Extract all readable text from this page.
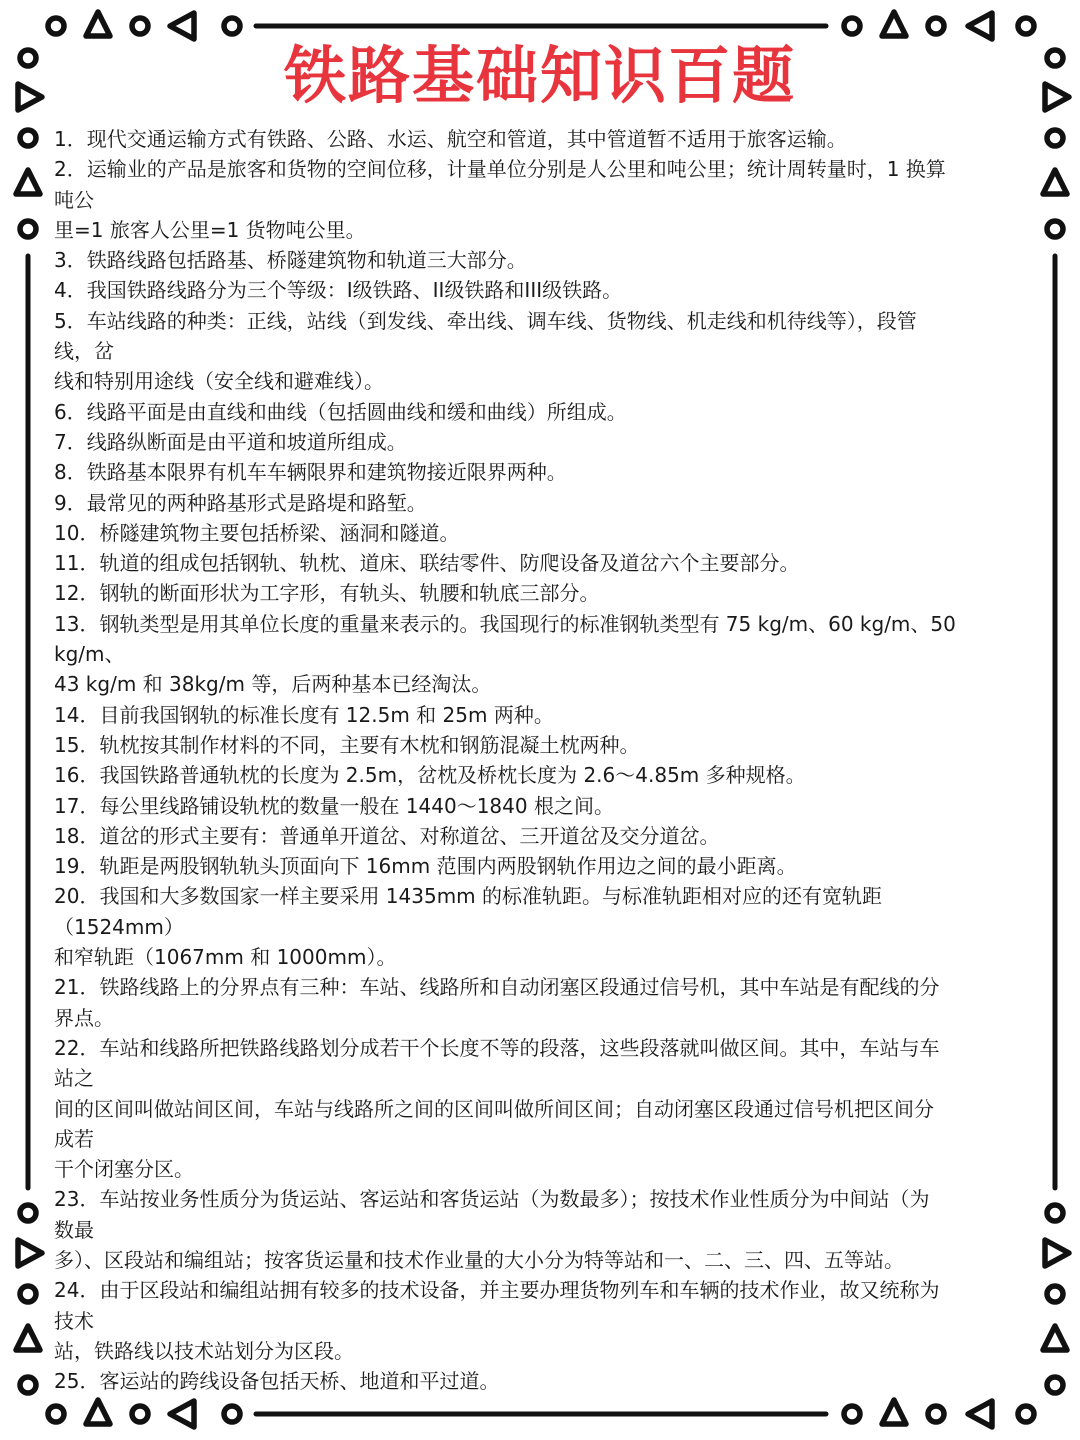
铁路基础知识百题
1．现代交通运输方式有铁路、公路、水运、航空和管道，其中管道暂不适用于旅客运输。
2．运输业的产品是旅客和货物的空间位移，计量单位分别是人公里和吨公里；统计周转量时，1 换算
吨公
里=1 旅客人公里=1 货物吨公里。
3．铁路线路包括路基、桥隧建筑物和轨道三大部分。
4．我国铁路线路分为三个等级：I级铁路、II级铁路和III级铁路。
5．车站线路的种类：正线，站线（到发线、牵出线、调车线、货物线、机走线和机待线等），段管
线，岔
线和特别用途线（安全线和避难线）。
6．线路平面是由直线和曲线（包括圆曲线和缓和曲线）所组成。
7．线路纵断面是由平道和坡道所组成。
8．铁路基本限界有机车车辆限界和建筑物接近限界两种。
9．最常见的两种路基形式是路堤和路堑。
10．桥隧建筑物主要包括桥梁、涵洞和隧道。
11．轨道的组成包括钢轨、轨枕、道床、联结零件、防爬设备及道岔六个主要部分。
12．钢轨的断面形状为工字形，有轨头、轨腰和轨底三部分。
13．钢轨类型是用其单位长度的重量来表示的。我国现行的标准钢轨类型有 75 kg/m、60 kg/m、50
kg/m、
43 kg/m 和 38kg/m 等，后两种基本已经淘汰。
14．目前我国钢轨的标准长度有 12.5m 和 25m 两种。
15．轨枕按其制作材料的不同，主要有木枕和钢筋混凝土枕两种。
16．我国铁路普通轨枕的长度为 2.5m，岔枕及桥枕长度为 2.6～4.85m 多种规格。
17．每公里线路铺设轨枕的数量一般在 1440～1840 根之间。
18．道岔的形式主要有：普通单开道岔、对称道岔、三开道岔及交分道岔。
19．轨距是两股钢轨轨头顶面向下 16mm 范围内两股钢轨作用边之间的最小距离。
20．我国和大多数国家一样主要采用 1435mm 的标准轨距。与标准轨距相对应的还有宽轨距
（1524mm）
和窄轨距（1067mm 和 1000mm）。
21．铁路线路上的分界点有三种：车站、线路所和自动闭塞区段通过信号机，其中车站是有配线的分
界点。
22．车站和线路所把铁路线路划分成若干个长度不等的段落，这些段落就叫做区间。其中，车站与车
站之
间的区间叫做站间区间，车站与线路所之间的区间叫做所间区间；自动闭塞区段通过信号机把区间分
成若
干个闭塞分区。
23．车站按业务性质分为货运站、客运站和客货运站（为数最多）；按技术作业性质分为中间站（为
数最
多）、区段站和编组站；按客货运量和技术作业量的大小分为特等站和一、二、三、四、五等站。
24．由于区段站和编组站拥有较多的技术设备，并主要办理货物列车和车辆的技术作业，故又统称为
技术
站，铁路线以技术站划分为区段。
25．客运站的跨线设备包括天桥、地道和平过道。
